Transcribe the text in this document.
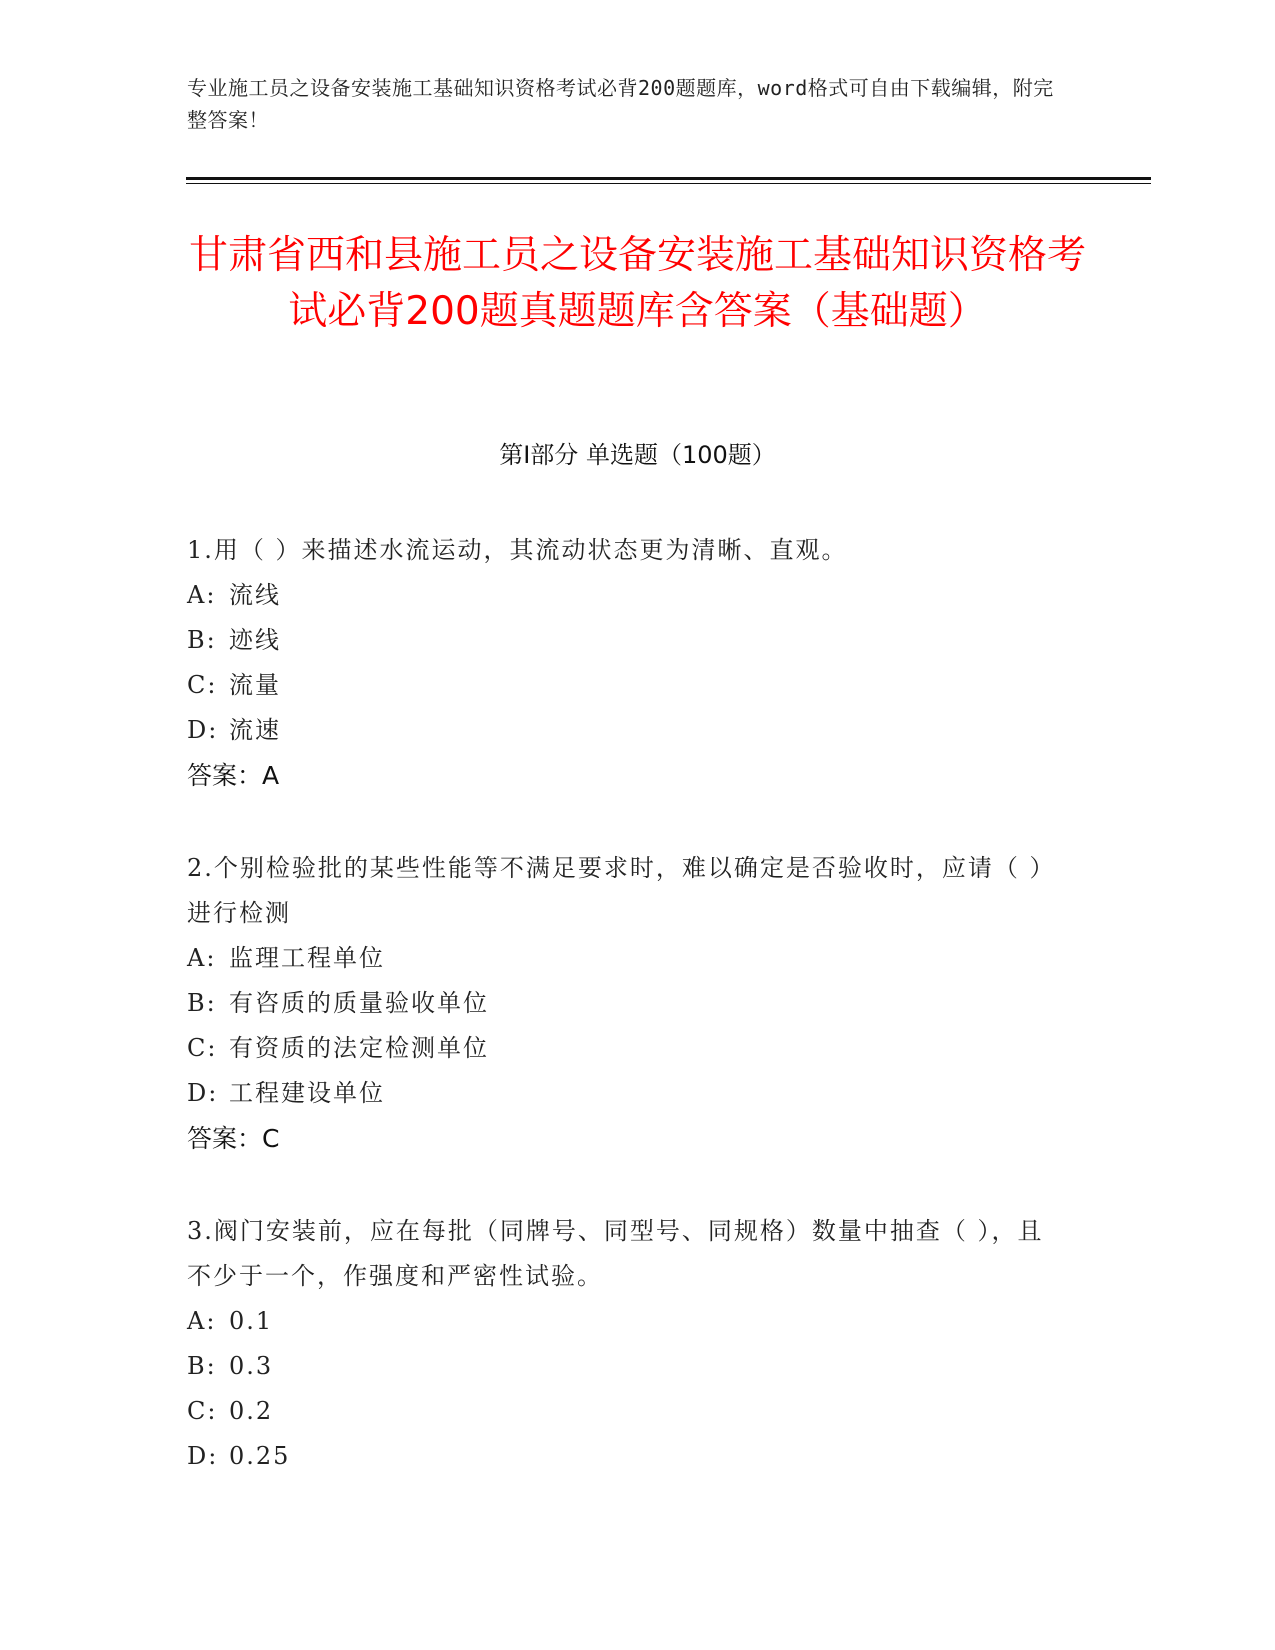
专业施工员之设备安装施工基础知识资格考试必背200题题库，word格式可自由下载编辑，附完整答案！
甘肃省西和县施工员之设备安装施工基础知识资格考试必背200题真题题库含答案（基础题）
第Ⅰ部分 单选题（100题）
1.用（ ）来描述水流运动，其流动状态更为清晰、直观。
A: 流线
B: 迹线
C: 流量
D: 流速
答案：A
2.个别检验批的某些性能等不满足要求时，难以确定是否验收时，应请（ ）进行检测
A: 监理工程单位
B: 有咨质的质量验收单位
C: 有资质的法定检测单位
D: 工程建设单位
答案：C
3.阀门安装前，应在每批（同牌号、同型号、同规格）数量中抽查（ ），且不少于一个，作强度和严密性试验。
A: 0.1
B: 0.3
C: 0.2
D: 0.25
